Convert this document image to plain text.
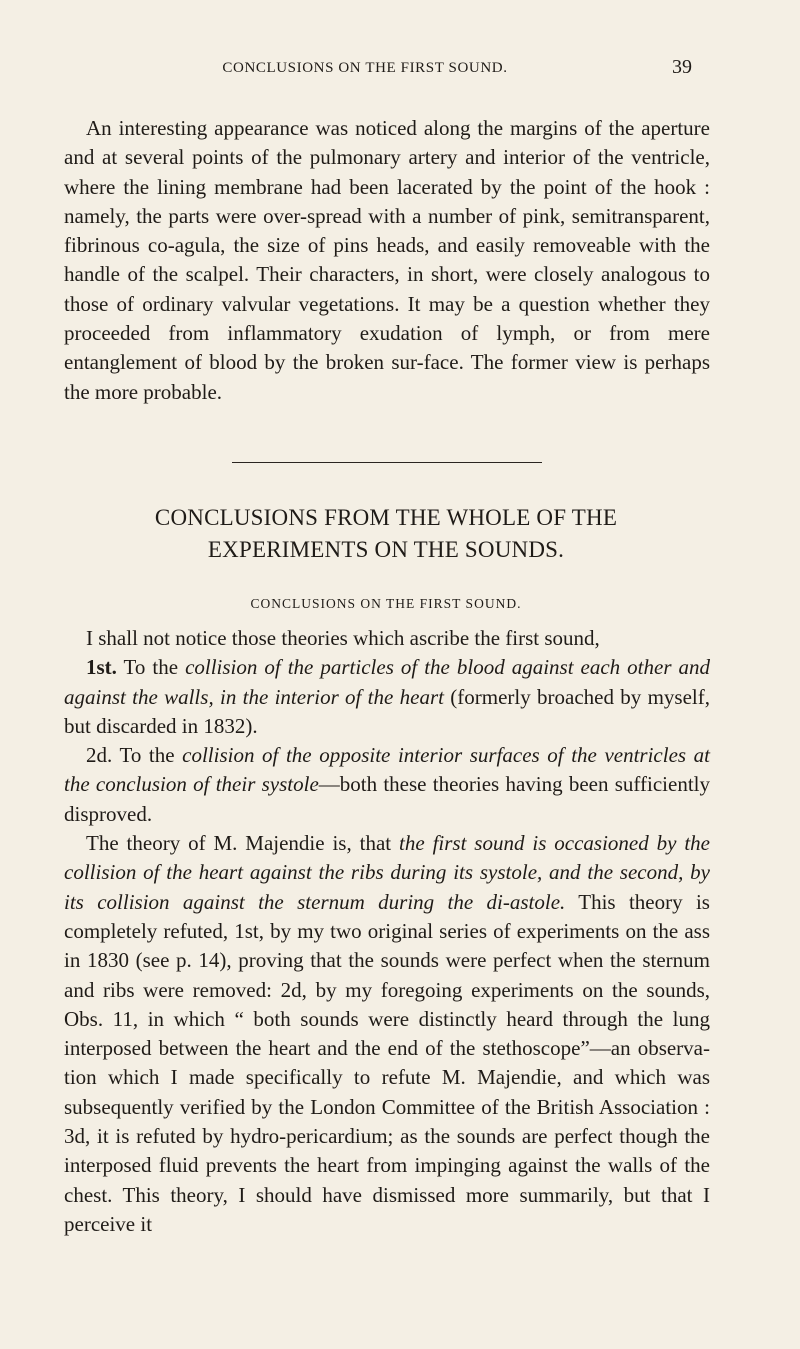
CONCLUSIONS ON THE FIRST SOUND.	39

An interesting appearance was noticed along the margins of the aperture and at several points of the pulmonary artery and interior of the ventricle, where the lining membrane had been lacerated by the point of the hook : namely, the parts were over-spread with a number of pink, semitransparent, fibrinous co-agula, the size of pins heads, and easily removeable with the handle of the scalpel. Their characters, in short, were closely analogous to those of ordinary valvular vegetations. It may be a question whether they proceeded from inflammatory exudation of lymph, or from mere entanglement of blood by the broken sur-face. The former view is perhaps the more probable.

CONCLUSIONS FROM THE WHOLE OF THE
EXPERIMENTS ON THE SOUNDS.
CONCLUSIONS ON THE FIRST SOUND.

I shall not notice those theories which ascribe the first sound,

1st. To the collision of the particles of the blood against each other and against the walls, in the interior of the heart (formerly broached by myself, but discarded in 1832).

2d. To the collision of the opposite interior surfaces of the ventricles at the conclusion of their systole—both these theories having been sufficiently disproved.

The theory of M. Majendie is, that the first sound is occasioned by the collision of the heart against the ribs during its systole, and the second, by its collision against the sternum during the di-astole. This theory is completely refuted, 1st, by my two original series of experiments on the ass in 1830 (see p. 14), proving that the sounds were perfect when the sternum and ribs were removed: 2d, by my foregoing experiments on the sounds, Obs. 11, in which “ both sounds were distinctly heard through the lung interposed between the heart and the end of the stethoscope”—an observa-tion which I made specifically to refute M. Majendie, and which was subsequently verified by the London Committee of the British Association : 3d, it is refuted by hydro-pericardium; as the sounds are perfect though the interposed fluid prevents the heart from impinging against the walls of the chest. This theory, I should have dismissed more summarily, but that I perceive it
